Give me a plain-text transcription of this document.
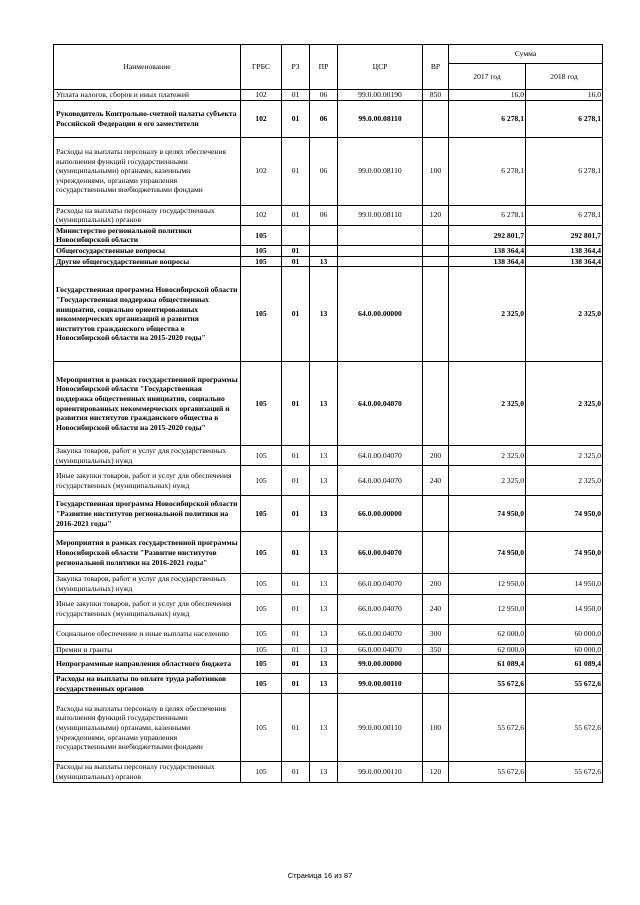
Наименование	ГРБС	РЗ	ПР	ЦСР	ВР	Сумма	
						2017 год	2018 год
Уплата налогов, сборов и иных платежей	102	01	06	99.0.00.00190	850	16,0	16,0
Руководитель Контрольно-счетной палаты субъекта Российской Федерации и его заместители	102	01	06	99.0.00.08110		6 278,1	6 278,1
Расходы на выплаты персоналу в целях обеспечения выполнения функций государственными (муниципальными) органами, казенными учреждениями, органами управления государственными внебюджетными фондами	102	01	06	99.0.00.08110	100	6 278,1	6 278,1
Расходы на выплаты персоналу государственных (муниципальных) органов	102	01	06	99.0.00.08110	120	6 278,1	6 278,1
Министерство региональной политики Новосибирской области	105					292 801,7	292 801,7
Общегосударственные вопросы	105	01				138 364,4	138 364,4
Другие общегосударственные вопросы	105	01	13			138 364,4	138 364,4
Государственная программа Новосибирской области "Государственная поддержка общественных инициатив, социально ориентированных некоммерческих организаций и развития институтов гражданского общества в Новосибирской области на 2015-2020 годы"	105	01	13	64.0.00.00000		2 325,0	2 325,0
Мероприятия в рамках государственной программы Новосибирской области "Государственная поддержка общественных инициатив, социально ориентированных некоммерческих организаций и развития институтов гражданского общества в Новосибирской области на 2015-2020 годы"	105	01	13	64.0.00.04070		2 325,0	2 325,0
Закупка товаров, работ и услуг для государственных (муниципальных) нужд	105	01	13	64.0.00.04070	200	2 325,0	2 325,0
Иные закупки товаров, работ и услуг для обеспечения государственных (муниципальных) нужд	105	01	13	64.0.00.04070	240	2 325,0	2 325,0
Государственная программа Новосибирской области "Развитие институтов региональной политики на 2016-2021 годы"	105	01	13	66.0.00.00000		74 950,0	74 950,0
Мероприятия в рамках государственной программы Новосибирской области "Развитие институтов региональной политики на 2016-2021 годы"	105	01	13	66.0.00.04070		74 950,0	74 950,0
Закупка товаров, работ и услуг для государственных (муниципальных) нужд	105	01	13	66.0.00.04070	200	12 950,0	14 950,0
Иные закупки товаров, работ и услуг для обеспечения государственных (муниципальных) нужд	105	01	13	66.0.00.04070	240	12 950,0	14 950,0
Социальное обеспечение и иные выплаты населению	105	01	13	66.0.00.04070	300	62 000,0	60 000,0
Премии и гранты	105	01	13	66.0.00.04070	350	62 000,0	60 000,0
Непрограммные направления областного бюджета	105	01	13	99.0.00.00000		61 089,4	61 089,4
Расходы на выплаты по оплате труда работников государственных органов	105	01	13	99.0.00.00110		55 672,6	55 672,6
Расходы на выплаты персоналу в целях обеспечения выполнения функций государственными (муниципальными) органами, казенными учреждениями, органами управления государственными внебюджетными фондами	105	01	13	99.0.00.00110	100	55 672,6	55 672,6
Расходы на выплаты персоналу государственных (муниципальных) органов	105	01	13	99.0.00.00110	120	55 672,6	55 672,6
Страница 16 из 87
